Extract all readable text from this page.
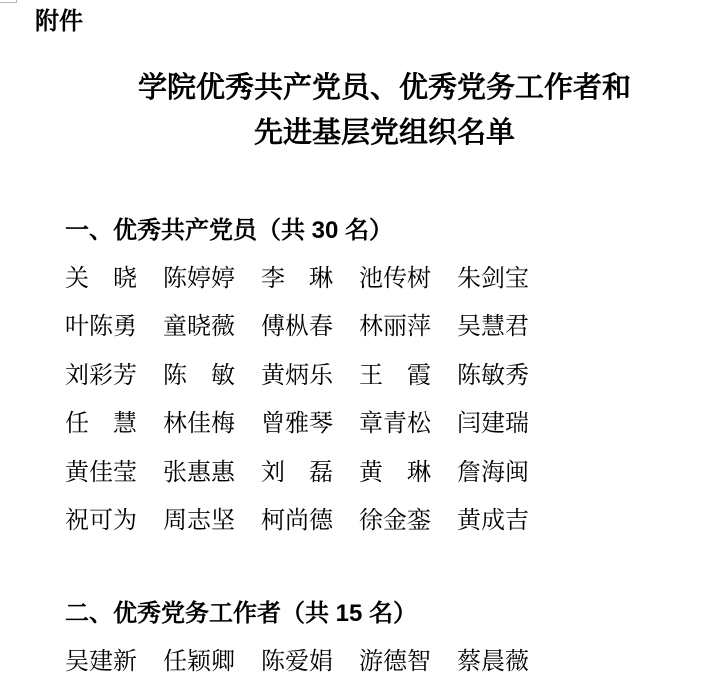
附件
学院优秀共产党员、优秀党务工作者和
先进基层党组织名单
一、优秀共产党员（共 30 名）
关　晓 陈婷婷 李　琳 池传树 朱剑宝
叶陈勇 童晓薇 傅枞春 林丽萍 吴慧君
刘彩芳 陈　敏 黄炳乐 王　霞 陈敏秀
任　慧 林佳梅 曾雅琴 章青松 闫建瑞
黄佳莹 张惠惠 刘　磊 黄　琳 詹海闽
祝可为 周志坚 柯尚德 徐金銮 黄成吉
二、优秀党务工作者（共 15 名）
吴建新 任颖卿 陈爱娟 游德智 蔡晨薇
